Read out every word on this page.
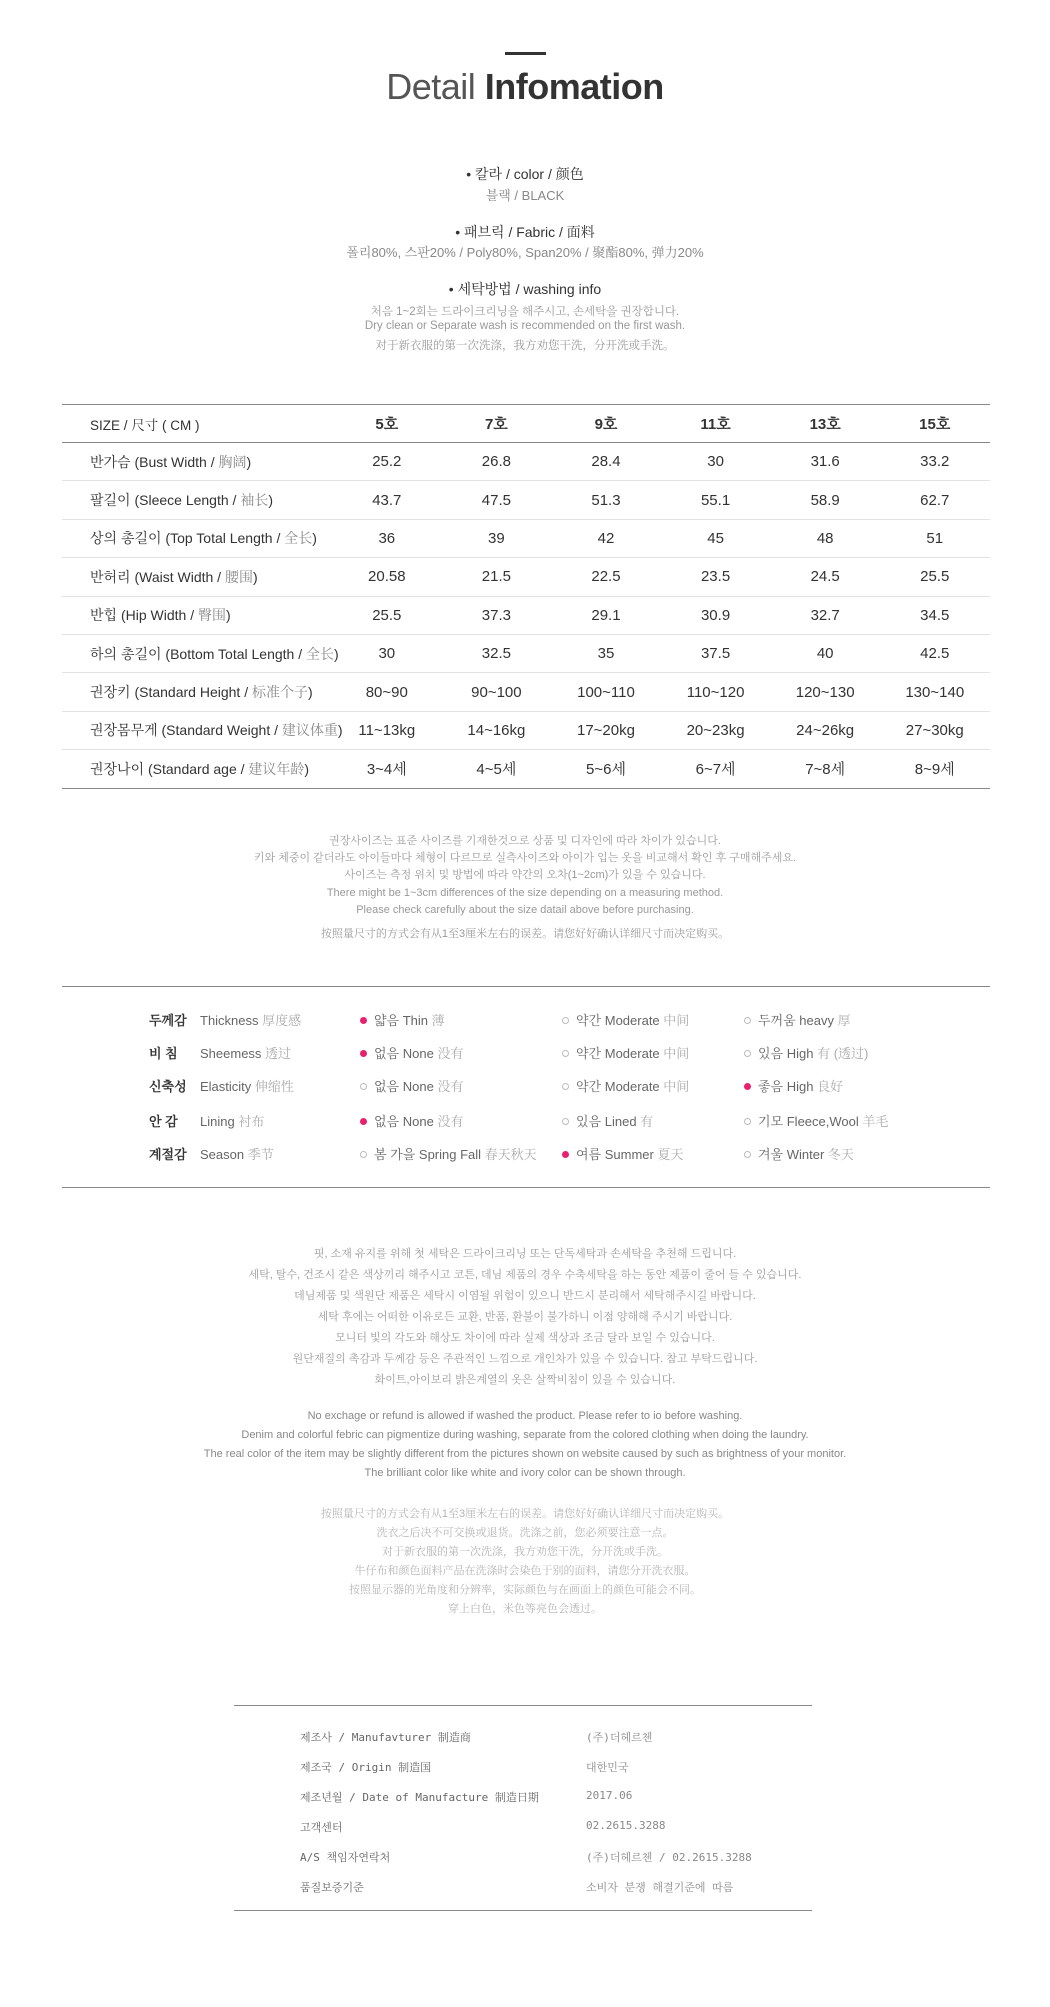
Detail Infomation
• 칼라 / color / 颜色
블랙 / BLACK
• 패브릭 / Fabric / 面料
폴리80%, 스판20% / Poly80%, Span20% / 聚酯80%, 弹力20%
• 세탁방법 / washing info
처음 1~2회는 드라이크리닝을 해주시고, 손세탁을 권장합니다.
Dry clean or Separate wash is recommended on the first wash.
对于新衣服的第一次洗涤，我方劝您干洗，分开洗或手洗。
SIZE / 尺寸 ( CM )	5호	7호	9호	11호	13호	15호
반가슴 (Bust Width / 胸阔)	25.2	26.8	28.4	30	31.6	33.2
팔길이 (Sleece Length / 袖长)	43.7	47.5	51.3	55.1	58.9	62.7
상의 총길이 (Top Total Length / 全长)	36	39	42	45	48	51
반허리 (Waist Width / 腰围)	20.58	21.5	22.5	23.5	24.5	25.5
반힙 (Hip Width / 臀围)	25.5	37.3	29.1	30.9	32.7	34.5
하의 총길이 (Bottom Total Length / 全长)	30	32.5	35	37.5	40	42.5
권장키 (Standard Height / 标准个子)	80~90	90~100	100~110	110~120	120~130	130~140
권장몸무게 (Standard Weight / 建议体重)	11~13kg	14~16kg	17~20kg	20~23kg	24~26kg	27~30kg
권장나이 (Standard age / 建议年龄)	3~4세	4~5세	5~6세	6~7세	7~8세	8~9세
권장사이즈는 표준 사이즈를 기재한것으로 상품 및 디자인에 따라 차이가 있습니다.
키와 체중이 같더라도 아이들마다 체형이 다르므로 실측사이즈와 아이가 입는 옷을 비교해서 확인 후 구매해주세요.
사이즈는 측정 위치 및 방법에 따라 약간의 오차(1~2cm)가 있을 수 있습니다.
There might be 1~3cm differences of the size depending on a measuring method.
Please check carefully about the size datail above before purchasing.
按照量尺寸的方式会有从1至3厘米左右的误差。请您好好确认详细尺寸而决定购买。
두께감	Thickness 厚度感	얇음 Thin 薄	약간 Moderate 中间	두꺼움 heavy 厚
비 침	Sheemess 透过	없음 None 没有	약간 Moderate 中间	있음 High 有 (透过)
신축성	Elasticity 伸缩性	없음 None 没有	약간 Moderate 中间	좋음 High 良好
안 감	Lining 衬布	없음 None 没有	있음 Lined 有	기모 Fleece,Wool 羊毛
계절감	Season 季节	봄 가을 Spring Fall 春天秋天	여름 Summer 夏天	겨울 Winter 冬天
핏, 소재 유지를 위해 첫 세탁은 드라이크리닝 또는 단독세탁과 손세탁을 추천해 드립니다.
세탁, 탈수, 건조시 같은 색상끼리 해주시고 코튼, 데님 제품의 경우 수축세탁을 하는 동안 제품이 줄어 들 수 있습니다.
데님제품 및 색원단 제품은 세탁시 이염될 위험이 있으니 반드시 분리해서 세탁해주시길 바랍니다.
세탁 후에는 어떠한 이유로든 교환, 반품, 환불이 불가하니 이점 양해해 주시기 바랍니다.
모니터 빛의 각도와 해상도 차이에 따라 실제 색상과 조금 달라 보일 수 있습니다.
원단재질의 촉감과 두께감 등은 주관적인 느낌으로 개인차가 있을 수 있습니다. 참고 부탁드립니다.
화이트,아이보리 밝은계열의 옷은 살짝비침이 있을 수 있습니다.
No exchage or refund is allowed if washed the product. Please refer to io before washing.
Denim and colorful febric can pigmentize during washing, separate from the colored clothing when doing the laundry.
The real color of the item may be slightly different from the pictures shown on website caused by such as brightness of your monitor.
The brilliant color like white and ivory color can be shown through.
按照量尺寸的方式会有从1至3厘米左右的误差。请您好好确认详细尺寸而决定购买。
洗衣之后决不可交换或退货。洗涤之前，您必须要注意一点。
对于新衣服的第一次洗涤，我方劝您干洗，分开洗或手洗。
牛仔布和颜色面料产品在洗涤时会染色于别的面料，请您分开洗衣服。
按照显示器的光角度和分辨率，实际颜色与在画面上的颜色可能会不同。
穿上白色，米色等亮色会透过。
제조사 / Manufavturer 制造商	(주)더헤르첸
제조국 / Origin 制造国	대한민국
제조년월 / Date of Manufacture 制造日期	2017.06
고객센터	02.2615.3288
A/S 책임자연락처	(주)더헤르첸 / 02.2615.3288
품질보증기준	소비자 분쟁 해결기준에 따름
